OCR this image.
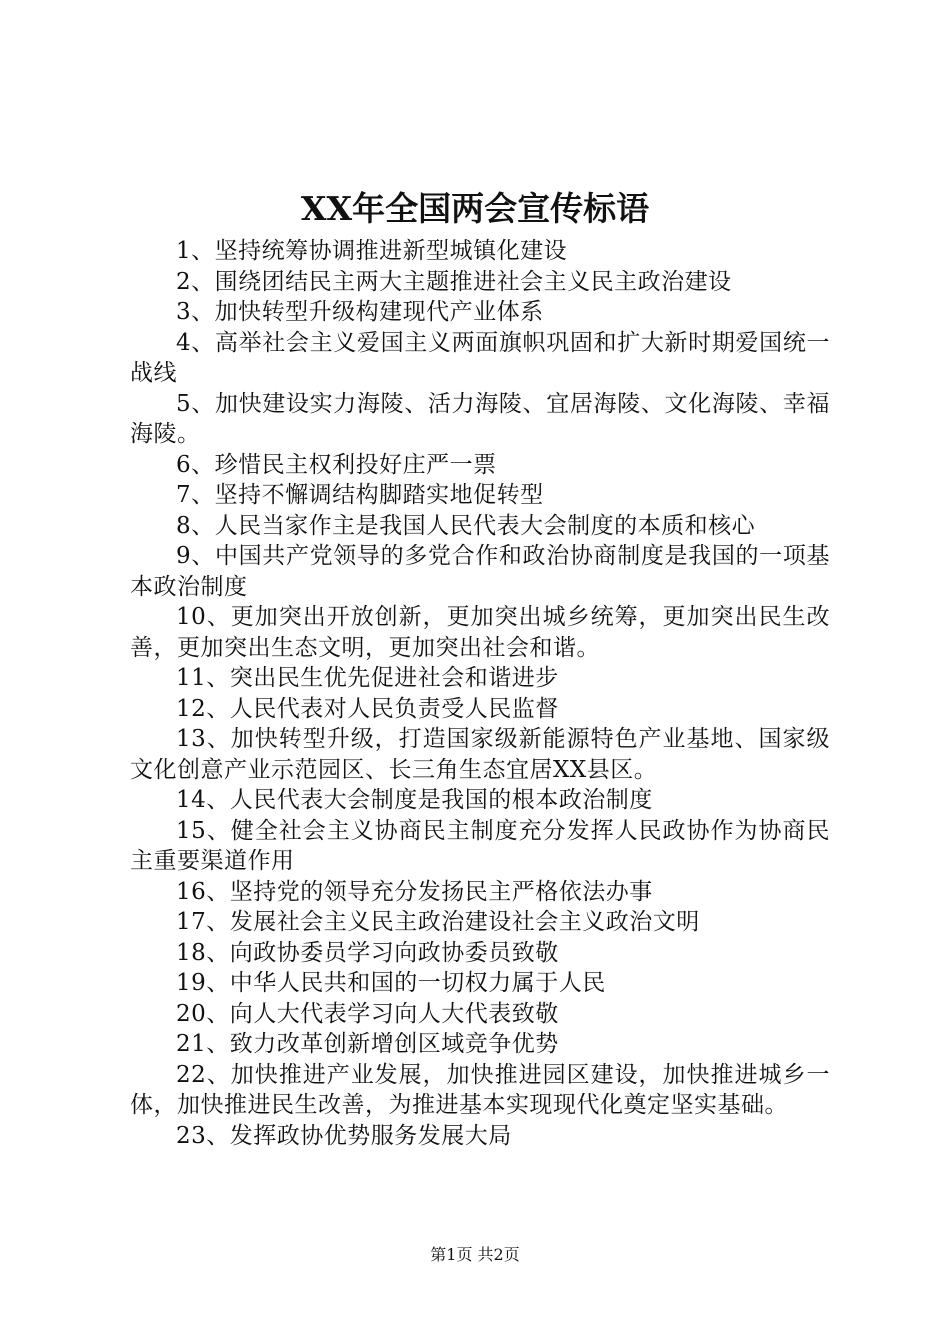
XX年全国两会宣传标语

1、坚持统筹协调推进新型城镇化建设

2、围绕团结民主两大主题推进社会主义民主政治建设

3、加快转型升级构建现代产业体系

4、高举社会主义爱国主义两面旗帜巩固和扩大新时期爱国统一战线

5、加快建设实力海陵、活力海陵、宜居海陵、文化海陵、幸福海陵。

6、珍惜民主权利投好庄严一票

7、坚持不懈调结构脚踏实地促转型

8、人民当家作主是我国人民代表大会制度的本质和核心

9、中国共产党领导的多党合作和政治协商制度是我国的一项基本政治制度

10、更加突出开放创新，更加突出城乡统筹，更加突出民生改善，更加突出生态文明，更加突出社会和谐。

11、突出民生优先促进社会和谐进步

12、人民代表对人民负责受人民监督

13、加快转型升级，打造国家级新能源特色产业基地、国家级文化创意产业示范园区、长三角生态宜居XX县区。

14、人民代表大会制度是我国的根本政治制度

15、健全社会主义协商民主制度充分发挥人民政协作为协商民主重要渠道作用

16、坚持党的领导充分发扬民主严格依法办事

17、发展社会主义民主政治建设社会主义政治文明

18、向政协委员学习向政协委员致敬

19、中华人民共和国的一切权力属于人民

20、向人大代表学习向人大代表致敬

21、致力改革创新增创区域竞争优势

22、加快推进产业发展，加快推进园区建设，加快推进城乡一体，加快推进民生改善，为推进基本实现现代化奠定坚实基础。

23、发挥政协优势服务发展大局

第1页 共2页
